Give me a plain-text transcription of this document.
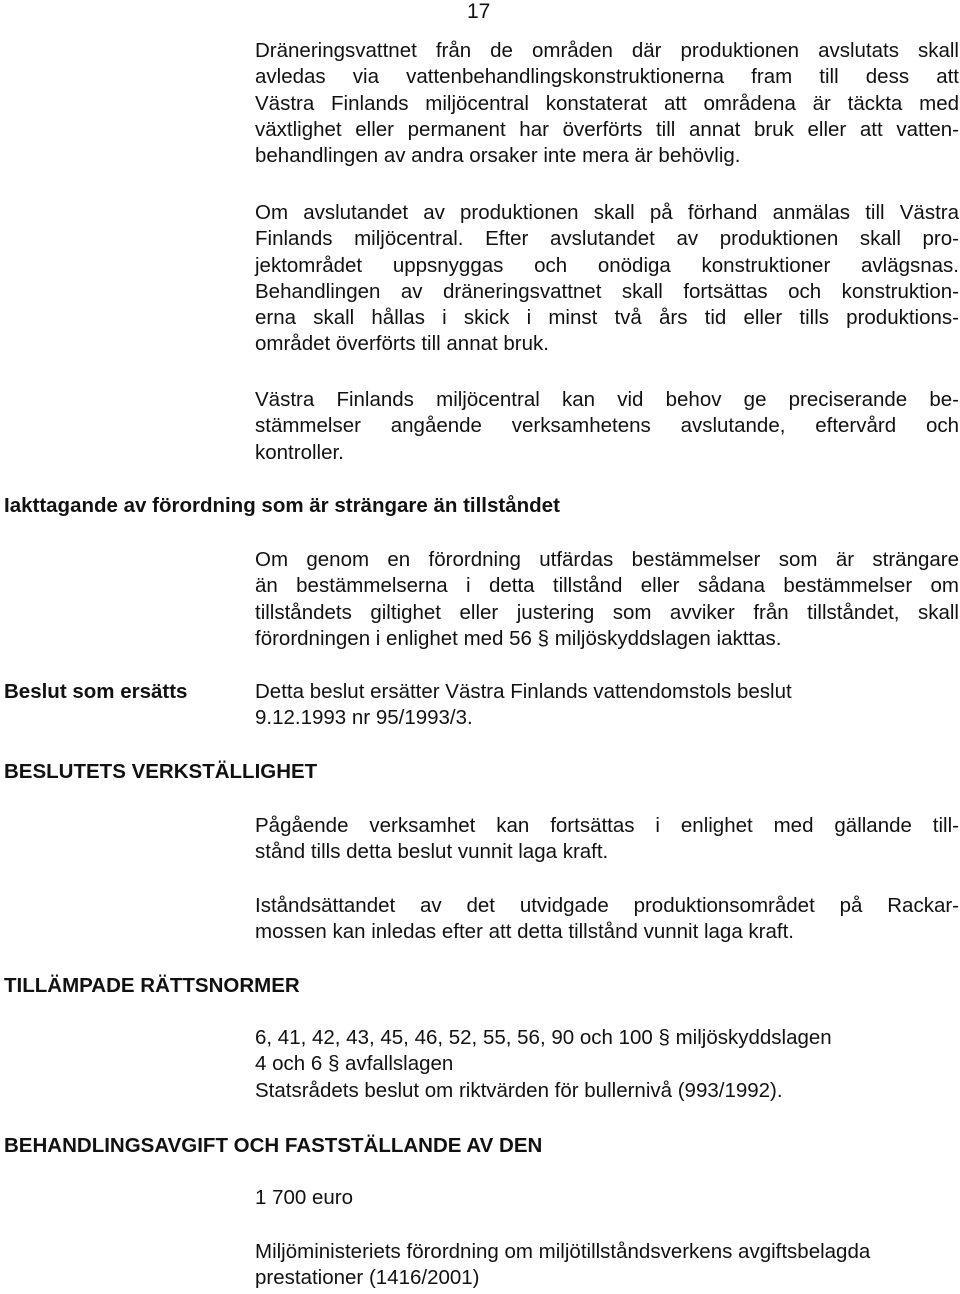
17
Dräneringsvattnet från de områden där produktionen avslutats skall
avledas via vattenbehandlingskonstruktionerna fram till dess att
Västra Finlands miljöcentral konstaterat att områdena är täckta med
växtlighet eller permanent har överförts till annat bruk eller att vatten-
behandlingen av andra orsaker inte mera är behövlig.
Om avslutandet av produktionen skall på förhand anmälas till Västra
Finlands miljöcentral. Efter avslutandet av produktionen skall pro-
jektområdet uppsnyggas och onödiga konstruktioner avlägsnas.
Behandlingen av dräneringsvattnet skall fortsättas och konstruktion-
erna skall hållas i skick i minst två års tid eller tills produktions-
området överförts till annat bruk.
Västra Finlands miljöcentral kan vid behov ge preciserande be-
stämmelser angående verksamhetens avslutande, eftervård och
kontroller.
Iakttagande av förordning som är strängare än tillståndet
Om genom en förordning utfärdas bestämmelser som är strängare
än bestämmelserna i detta tillstånd eller sådana bestämmelser om
tillståndets giltighet eller justering som avviker från tillståndet, skall
förordningen i enlighet med 56 § miljöskyddslagen iakttas.
Beslut som ersätts	Detta beslut ersätter Västra Finlands vattendomstols beslut
9.12.1993 nr 95/1993/3.
BESLUTETS VERKSTÄLLIGHET
Pågående verksamhet kan fortsättas i enlighet med gällande till-
stånd tills detta beslut vunnit laga kraft.
Iståndsättandet av det utvidgade produktionsområdet på Rackar-
mossen kan inledas efter att detta tillstånd vunnit laga kraft.
TILLÄMPADE RÄTTSNORMER
6, 41, 42, 43, 45, 46, 52, 55, 56, 90 och 100 § miljöskyddslagen
4 och 6 § avfallslagen
Statsrådets beslut om riktvärden för bullernivå (993/1992).
BEHANDLINGSAVGIFT OCH FASTSTÄLLANDE AV DEN
1 700 euro
Miljöministeriets förordning om miljötillståndsverkens avgiftsbelagda
prestationer (1416/2001)
